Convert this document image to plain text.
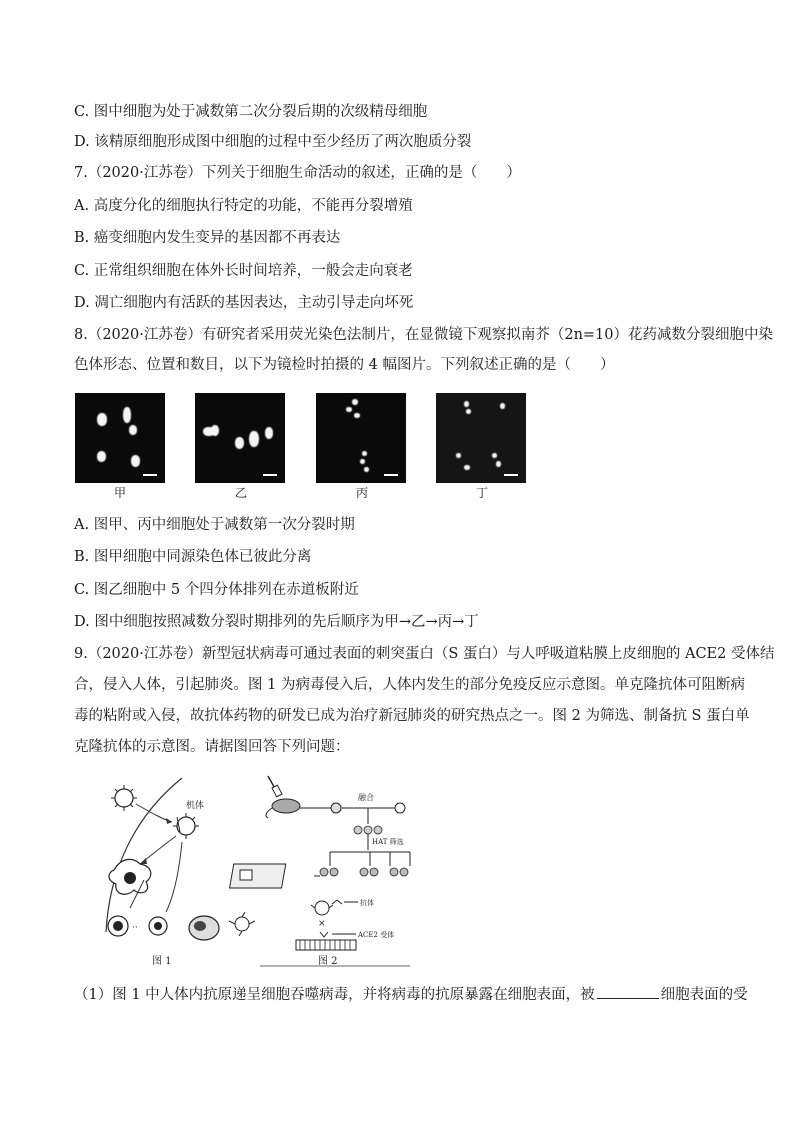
C. 图中细胞为处于减数第二次分裂后期的次级精母细胞
D. 该精原细胞形成图中细胞的过程中至少经历了两次胞质分裂
7.（2020·江苏卷）下列关于细胞生命活动的叙述，正确的是（　　）
A. 高度分化的细胞执行特定的功能，不能再分裂增殖
B. 癌变细胞内发生变异的基因都不再表达
C. 正常组织细胞在体外长时间培养，一般会走向衰老
D. 凋亡细胞内有活跃的基因表达，主动引导走向坏死
8.（2020·江苏卷）有研究者采用荧光染色法制片，在显微镜下观察拟南芥（2n=10）花药减数分裂细胞中染
色体形态、位置和数目，以下为镜检时拍摄的 4 幅图片。下列叙述正确的是（　　）
甲	乙	丙	丁
A. 图甲、丙中细胞处于减数第一次分裂时期
B. 图甲细胞中同源染色体已彼此分离
C. 图乙细胞中 5 个四分体排列在赤道板附近
D. 图中细胞按照减数分裂时期排列的先后顺序为甲→乙→丙→丁
9.（2020·江苏卷）新型冠状病毒可通过表面的刺突蛋白（S 蛋白）与人呼吸道粘膜上皮细胞的 ACE2 受体结
合，侵入人体，引起肺炎。图 1 为病毒侵入后，人体内发生的部分免疫反应示意图。单克隆抗体可阻断病
毒的粘附或入侵，故抗体药物的研发已成为治疗新冠肺炎的研究热点之一。图 2 为筛选、制备抗 S 蛋白单
克隆抗体的示意图。请据图回答下列问题：
机体
··
图 1
融合
HAT 筛选
抗体
×
ACE2 受体
图 2
（1）图 1 中人体内抗原递呈细胞吞噬病毒，并将病毒的抗原暴露在细胞表面，被	细胞表面的受
